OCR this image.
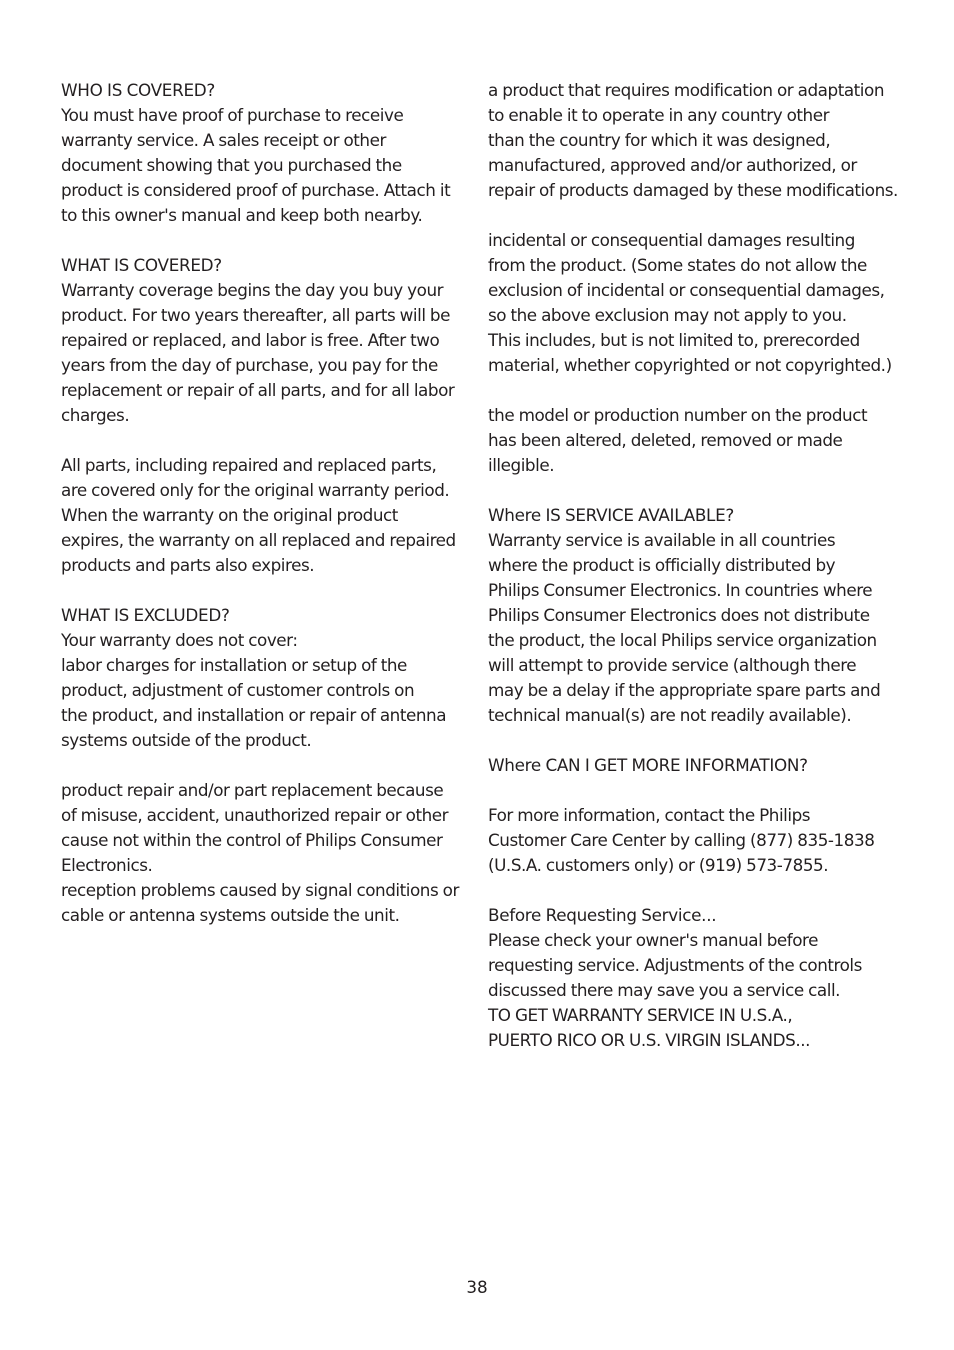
WHO IS COVERED?
You must have proof of purchase to receive
warranty service. A sales receipt or other
document showing that you purchased the
product is considered proof of purchase. Attach it
to this owner's manual and keep both nearby.
WHAT IS COVERED?
Warranty coverage begins the day you buy your
product. For two years thereafter, all parts will be
repaired or replaced, and labor is free. After two
years from the day of purchase, you pay for the
replacement or repair of all parts, and for all labor
charges.
All parts, including repaired and replaced parts,
are covered only for the original warranty period.
When the warranty on the original product
expires, the warranty on all replaced and repaired
products and parts also expires.
WHAT IS EXCLUDED?
Your warranty does not cover:
labor charges for installation or setup of the
product, adjustment of customer controls on
the product, and installation or repair of antenna
systems outside of the product.
product repair and/or part replacement because
of misuse, accident, unauthorized repair or other
cause not within the control of Philips Consumer
Electronics.
reception problems caused by signal conditions or
cable or antenna systems outside the unit.
a product that requires modification or adaptation
to enable it to operate in any country other
than the country for which it was designed,
manufactured, approved and/or authorized, or
repair of products damaged by these modifications.
incidental or consequential damages resulting
from the product. (Some states do not allow the
exclusion of incidental or consequential damages,
so the above exclusion may not apply to you.
This includes, but is not limited to, prerecorded
material, whether copyrighted or not copyrighted.)
the model or production number on the product
has been altered, deleted, removed or made
illegible.
Where IS SERVICE AVAILABLE?
Warranty service is available in all countries
where the product is officially distributed by
Philips Consumer Electronics. In countries where
Philips Consumer Electronics does not distribute
the product, the local Philips service organization
will attempt to provide service (although there
may be a delay if the appropriate spare parts and
technical manual(s) are not readily available).
Where CAN I GET MORE INFORMATION?
For more information, contact the Philips
Customer Care Center by calling (877) 835-1838
(U.S.A. customers only) or (919) 573-7855.
Before Requesting Service...
Please check your owner's manual before
requesting service. Adjustments of the controls
discussed there may save you a service call.
TO GET WARRANTY SERVICE IN U.S.A.,
PUERTO RICO OR U.S. VIRGIN ISLANDS...
38
